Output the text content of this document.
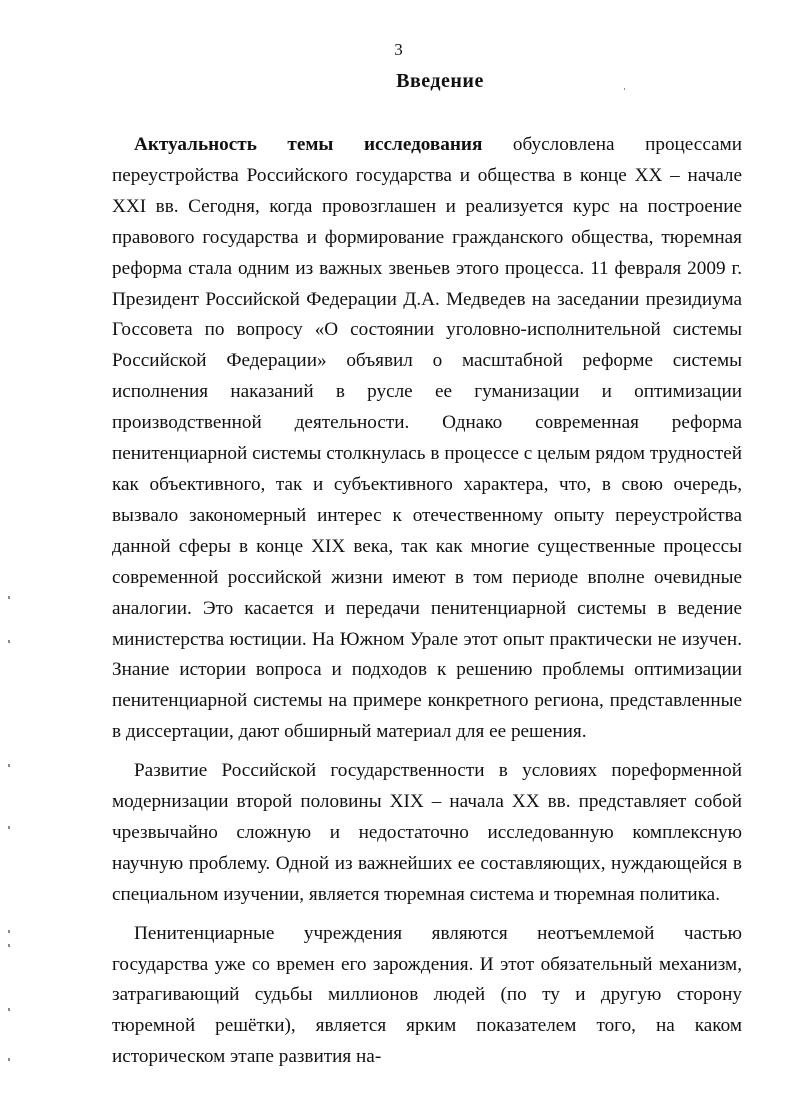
3
Введение

Актуальность темы исследования обусловлена процессами переустройства Российского государства и общества в конце XX – начале XXI вв. Сегодня, когда провозглашен и реализуется курс на построение правового государства и формирование гражданского общества, тюремная реформа стала одним из важных звеньев этого процесса. 11 февраля 2009 г. Президент Российской Федерации Д.А. Медведев на заседании президиума Госсовета по вопросу «О состоянии уголовно-исполнительной системы Российской Федерации» объявил о масштабной реформе системы исполнения наказаний в русле ее гуманизации и оптимизации производственной деятельности. Однако современная реформа пенитенциарной системы столкнулась в процессе с целым рядом трудностей как объективного, так и субъективного характера, что, в свою очередь, вызвало закономерный интерес к отечественному опыту переустройства данной сферы в конце XIX века, так как многие существенные процессы современной российской жизни имеют в том периоде вполне очевидные аналогии. Это касается и передачи пенитенциарной системы в ведение министерства юстиции. На Южном Урале этот опыт практически не изучен. Знание истории вопроса и подходов к решению проблемы оптимизации пенитенциарной системы на примере конкретного региона, представленные в диссертации, дают обширный материал для ее решения.

Развитие Российской государственности в условиях пореформенной модернизации второй половины XIX – начала XX вв. представляет собой чрезвычайно сложную и недостаточно исследованную комплексную научную проблему. Одной из важнейших ее составляющих, нуждающейся в специальном изучении, является тюремная система и тюремная политика.

Пенитенциарные учреждения являются неотъемлемой частью государства уже со времен его зарождения. И этот обязательный механизм, затрагивающий судьбы миллионов людей (по ту и другую сторону тюремной решётки), является ярким показателем того, на каком историческом этапе развития на-
